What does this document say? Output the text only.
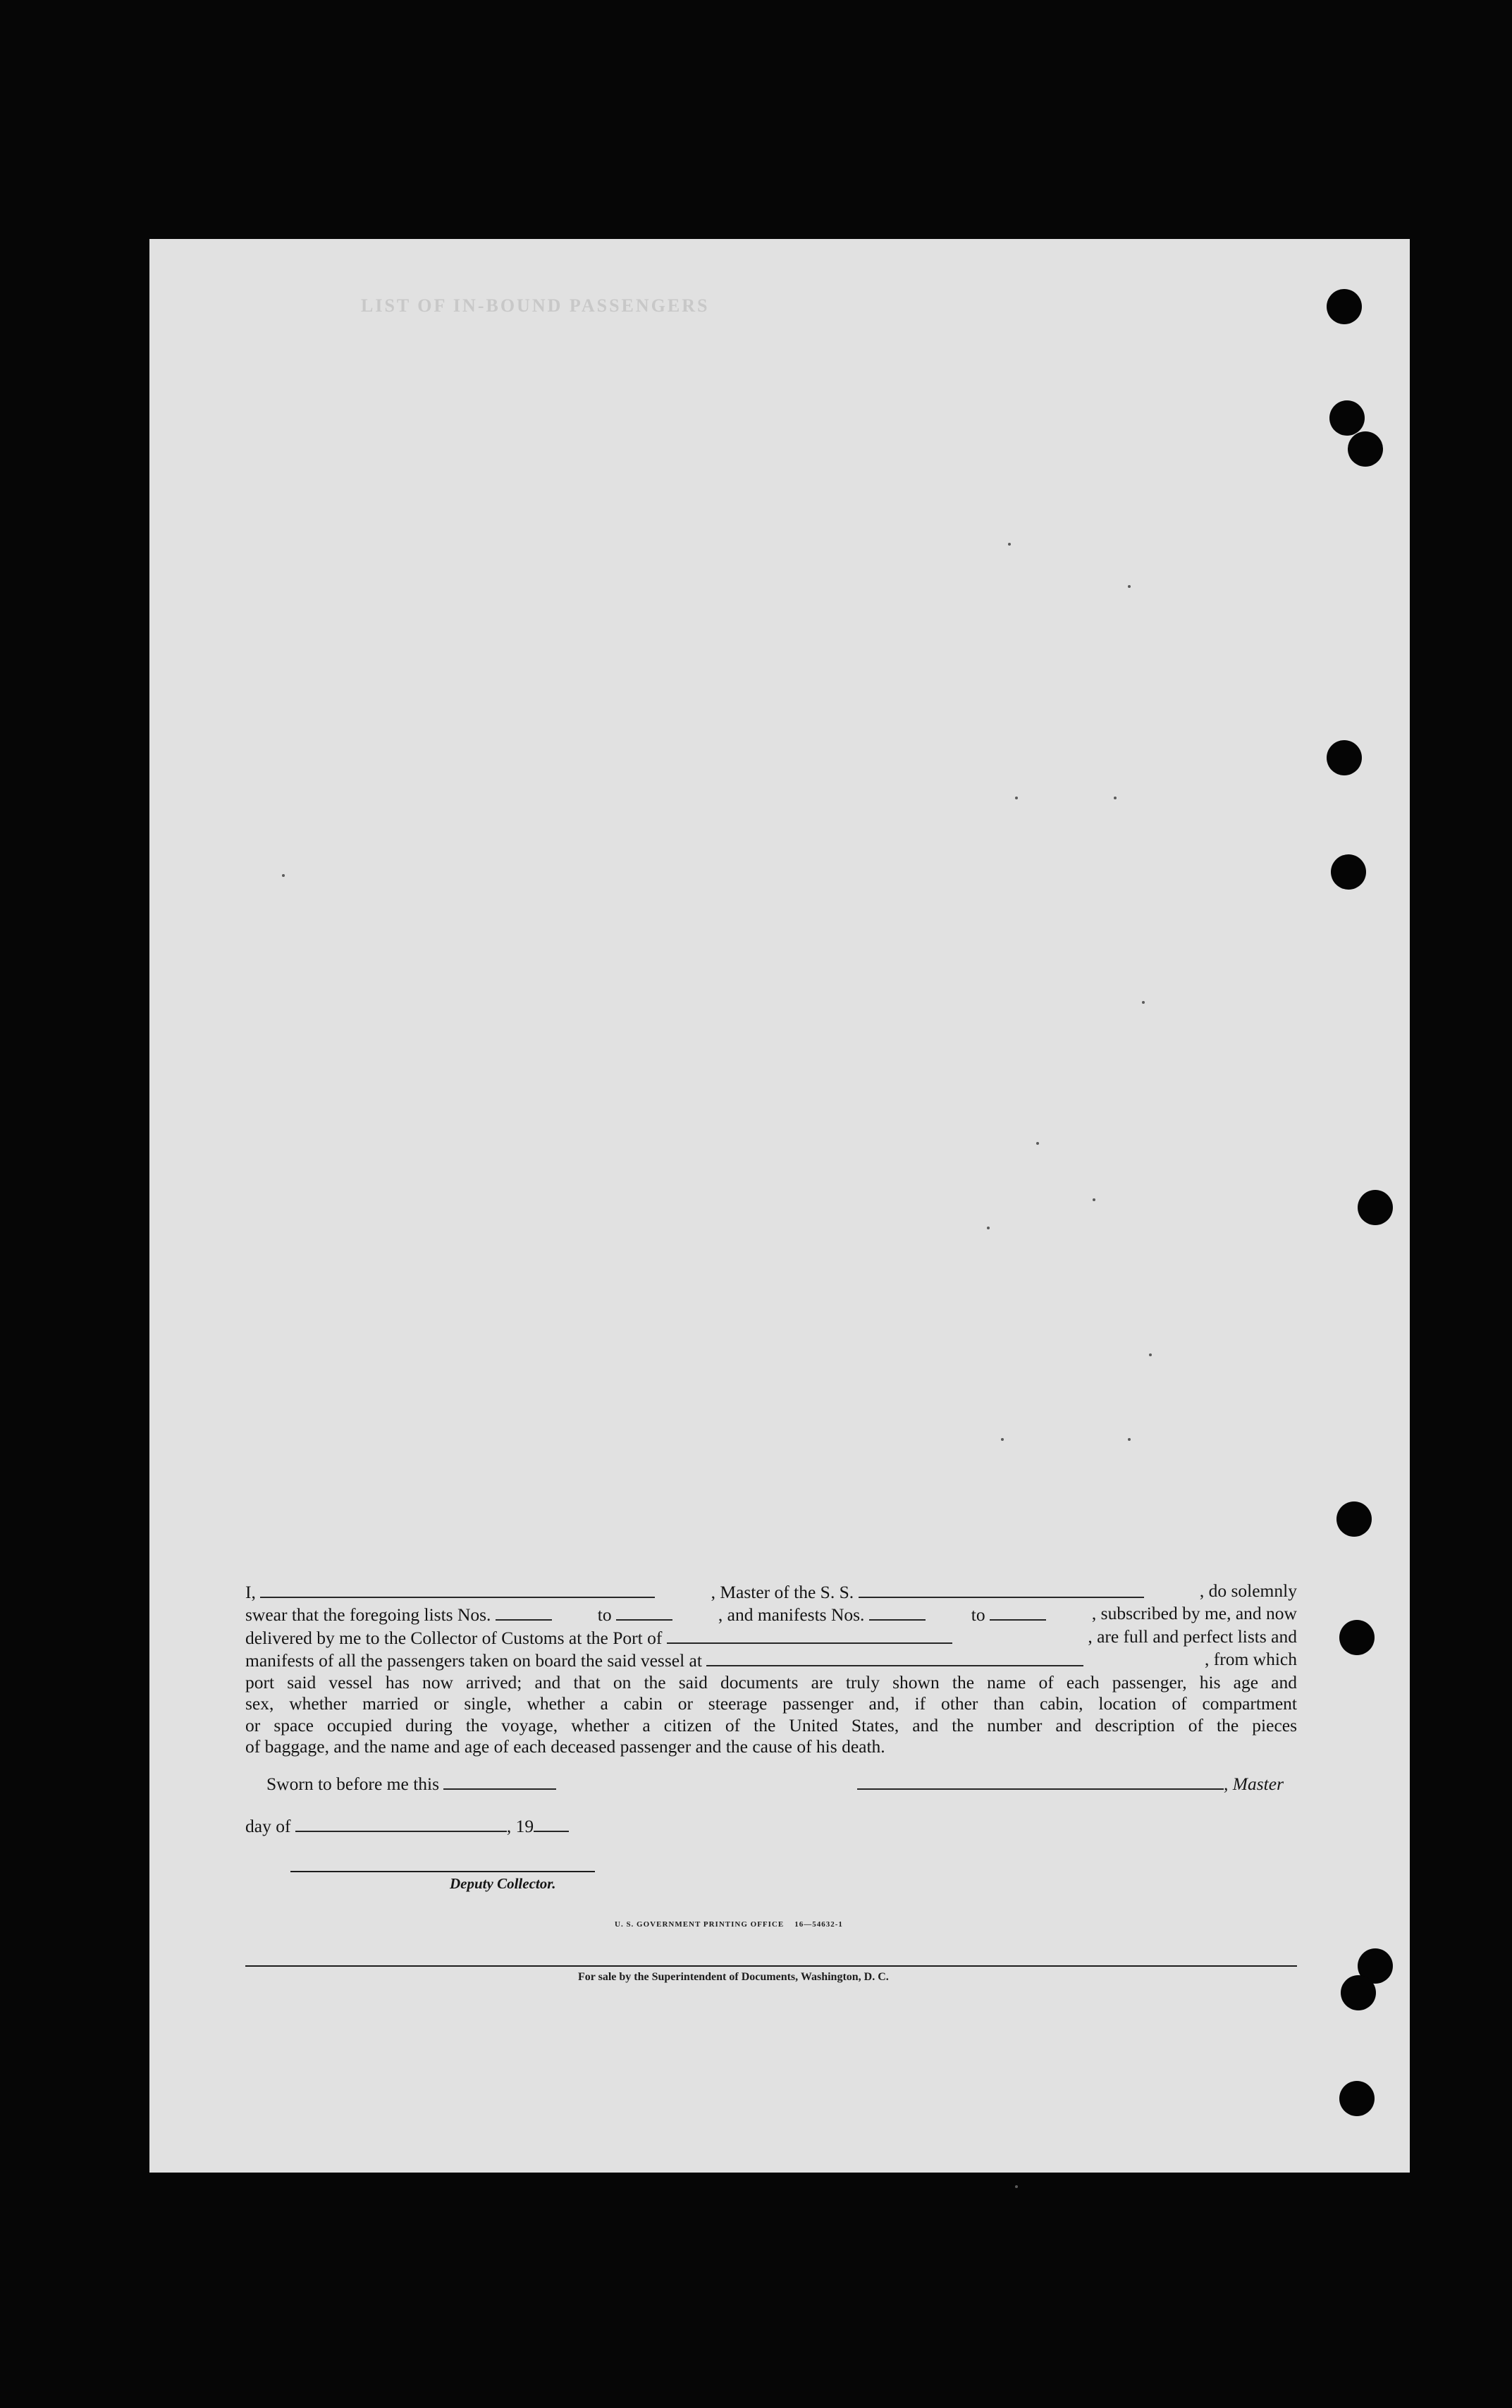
LIST OF IN-BOUND PASSENGERS
I,	, Master of the S. S.	, do solemnly
swear that the foregoing lists Nos.	to	, and manifests Nos.	to	, subscribed by me, and now
delivered by me to the Collector of Customs at the Port of	, are full and perfect lists and
manifests of all the passengers taken on board the said vessel at	, from which
port said vessel has now arrived; and that on the said documents are truly shown the name of each passenger, his age and
sex, whether married or single, whether a cabin or steerage passenger and, if other than cabin, location of compartment
or space occupied during the voyage, whether a citizen of the United States, and the number and description of the pieces
of baggage, and the name and age of each deceased passenger and the cause of his death.
Sworn to before me this	, Master
day of	, 19
Deputy Collector.
U. S. GOVERNMENT PRINTING OFFICE 16—54632-1
For sale by the Superintendent of Documents, Washington, D. C.
